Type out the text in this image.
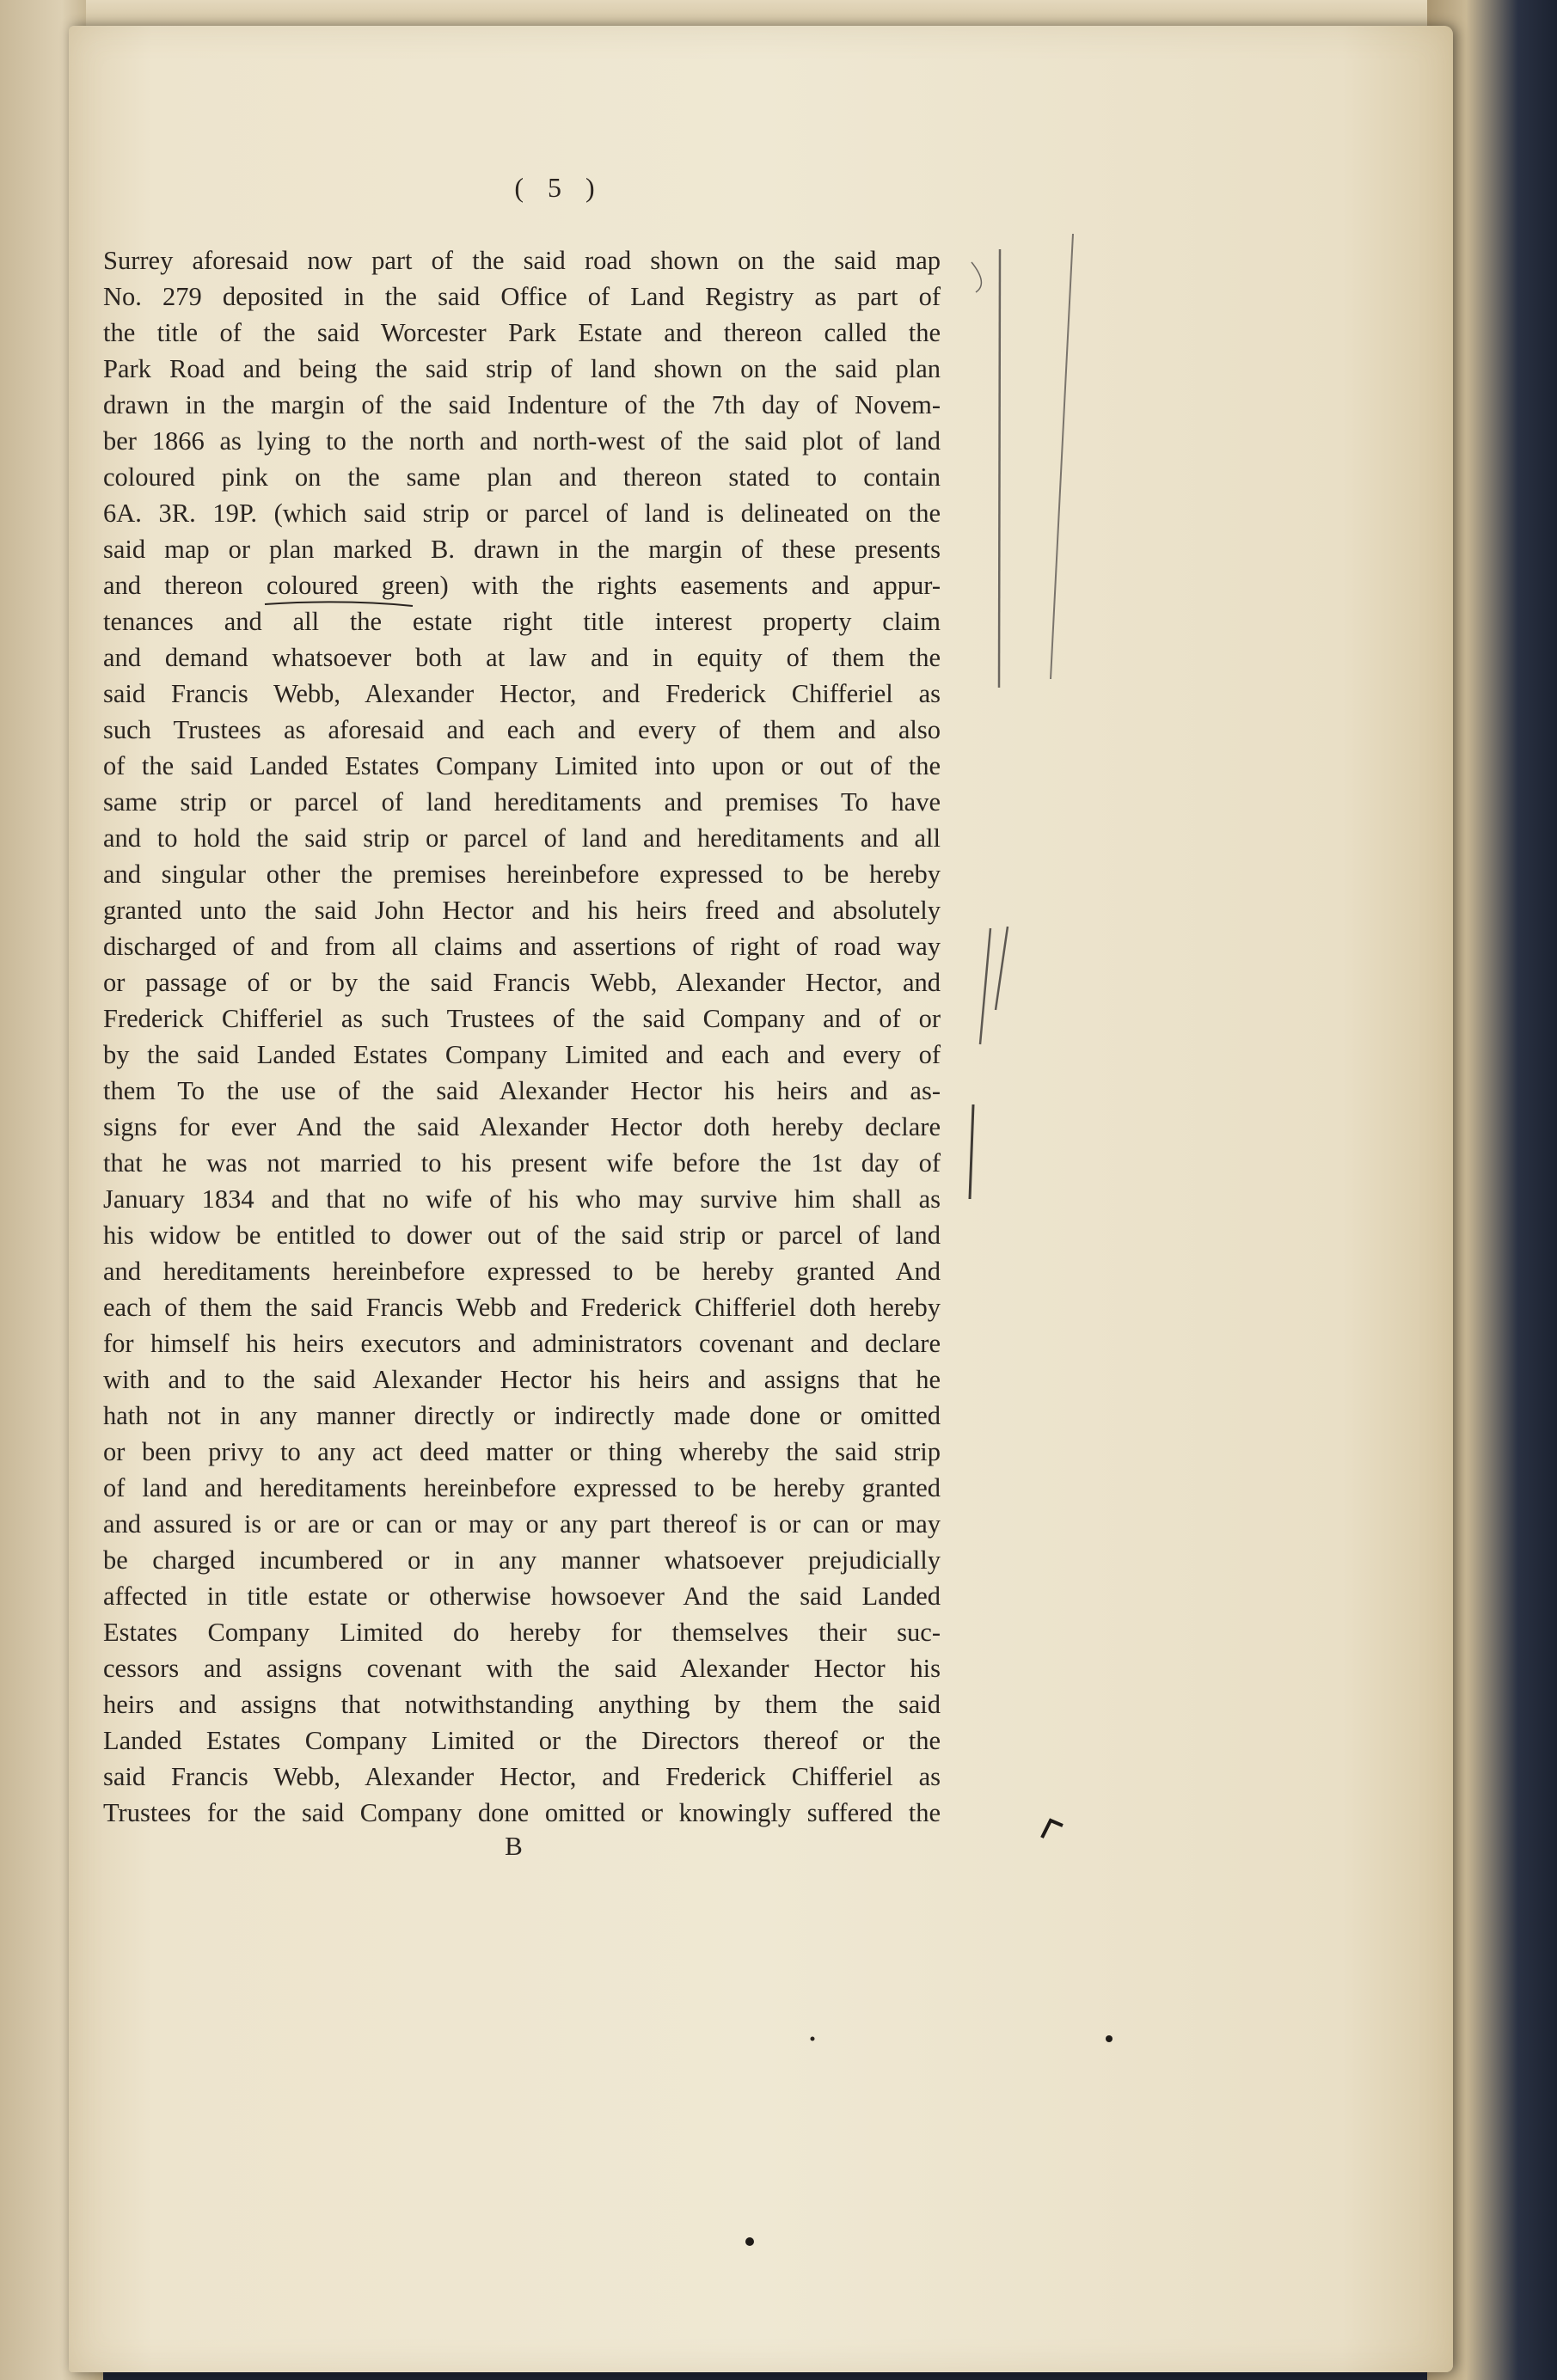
( 5 )
Surrey aforesaid now part of the said road shown on the said map
No. 279 deposited in the said Office of Land Registry as part of
the title of the said Worcester Park Estate and thereon called the
Park Road and being the said strip of land shown on the said plan
drawn in the margin of the said Indenture of the 7th day of Novem-
ber 1866 as lying to the north and north-west of the said plot of land
coloured pink on the same plan and thereon stated to contain
6A. 3R. 19P. (which said strip or parcel of land is delineated on the
said map or plan marked B. drawn in the margin of these presents
and thereon coloured green) with the rights easements and appur-
tenances and all the estate right title interest property claim
and demand whatsoever both at law and in equity of them the
said Francis Webb, Alexander Hector, and Frederick Chifferiel as
such Trustees as aforesaid and each and every of them and also
of the said Landed Estates Company Limited into upon or out of the
same strip or parcel of land hereditaments and premises To have
and to hold the said strip or parcel of land and hereditaments and all
and singular other the premises hereinbefore expressed to be hereby
granted unto the said John Hector and his heirs freed and absolutely
discharged of and from all claims and assertions of right of road way
or passage of or by the said Francis Webb, Alexander Hector, and
Frederick Chifferiel as such Trustees of the said Company and of or
by the said Landed Estates Company Limited and each and every of
them To the use of the said Alexander Hector his heirs and as-
signs for ever And the said Alexander Hector doth hereby declare
that he was not married to his present wife before the 1st day of
January 1834 and that no wife of his who may survive him shall as
his widow be entitled to dower out of the said strip or parcel of land
and hereditaments hereinbefore expressed to be hereby granted And
each of them the said Francis Webb and Frederick Chifferiel doth hereby
for himself his heirs executors and administrators covenant and declare
with and to the said Alexander Hector his heirs and assigns that he
hath not in any manner directly or indirectly made done or omitted
or been privy to any act deed matter or thing whereby the said strip
of land and hereditaments hereinbefore expressed to be hereby granted
and assured is or are or can or may or any part thereof is or can or may
be charged incumbered or in any manner whatsoever prejudicially
affected in title estate or otherwise howsoever And the said Landed
Estates Company Limited do hereby for themselves their suc-
cessors and assigns covenant with the said Alexander Hector his
heirs and assigns that notwithstanding anything by them the said
Landed Estates Company Limited or the Directors thereof or the
said Francis Webb, Alexander Hector, and Frederick Chifferiel as
Trustees for the said Company done omitted or knowingly suffered the
B
